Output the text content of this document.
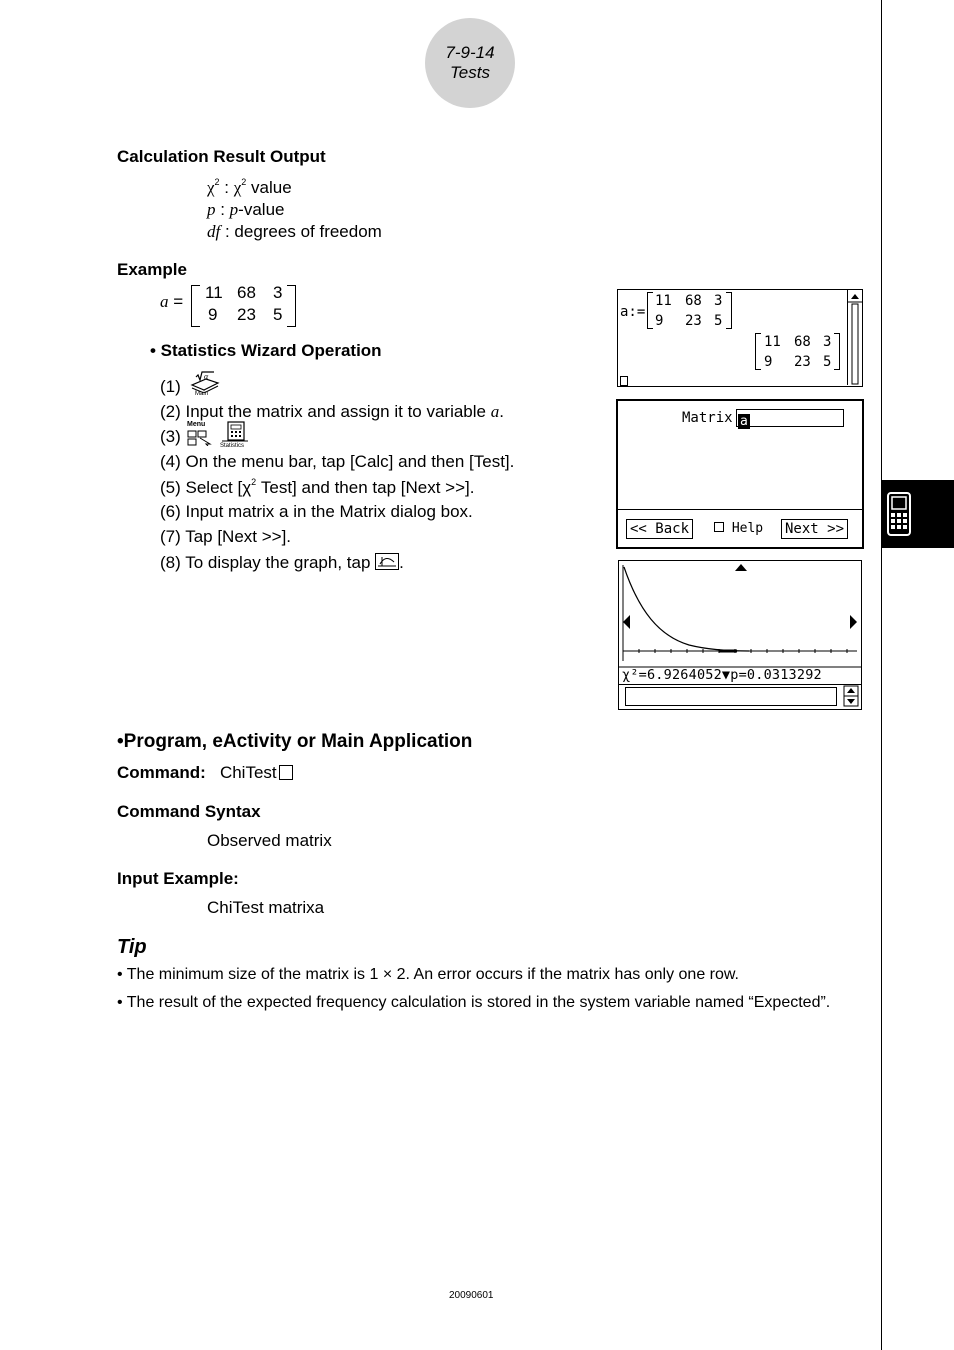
7-9-14
Tests
Calculation Result Output
$\chi^2$ : $\chi^2$ value
p : p-value
df : degrees of freedom
Example
a = 11 68 3
9 23 5
• Statistics Wizard Operation
(1)
α
Main
(2) Input the matrix and assign it to variable a.
(3)
Menu
Statistics
(4) On the menu bar, tap [Calc] and then [Test].
(5) Select [$\chi^2$ Test] and then tap [Next >>].
(6) Input matrix a in the Matrix dialog box.
(7) Tap [Next >>].
(8) To display the graph, tap
.
a:=
11 68 3
9 23 5
11 68 3
9 23 5
Matrix a
<< Back	Help Next >>
χ²=6.9264052▼p=0.0313292
•Program, eActivity or Main Application
Command: ChiTest
Command Syntax
Observed matrix
Input Example:
ChiTest matrixa
Tip
• The minimum size of the matrix is 1 × 2. An error occurs if the matrix has only one row.
• The result of the expected frequency calculation is stored in the system variable named “Expected”.
20090601
